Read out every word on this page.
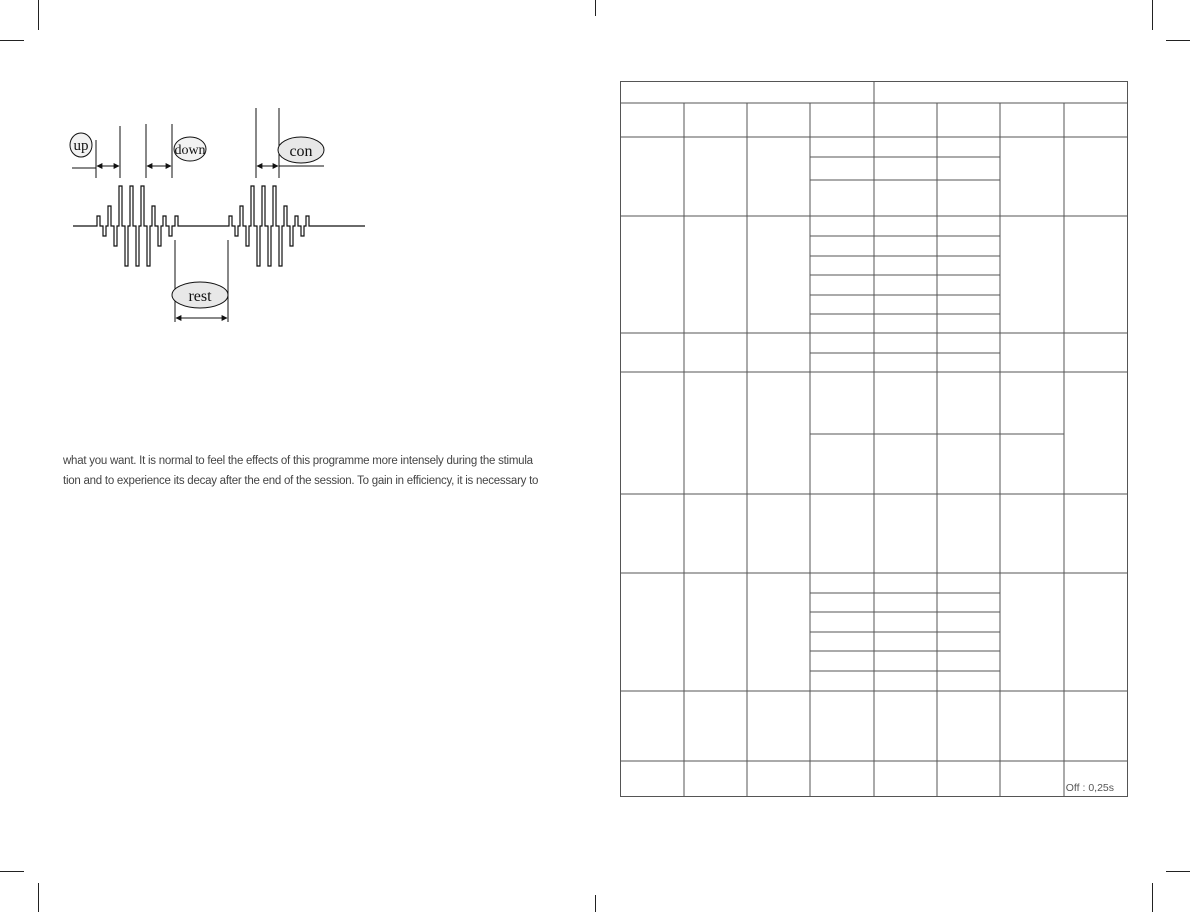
up	down	con
rest

what you want. It is normal to feel the effects of this programme more intensely during the stimula
tion and to experience its decay after the end of the session. To gain in efficiency, it is necessary to

Off : 0,25s
